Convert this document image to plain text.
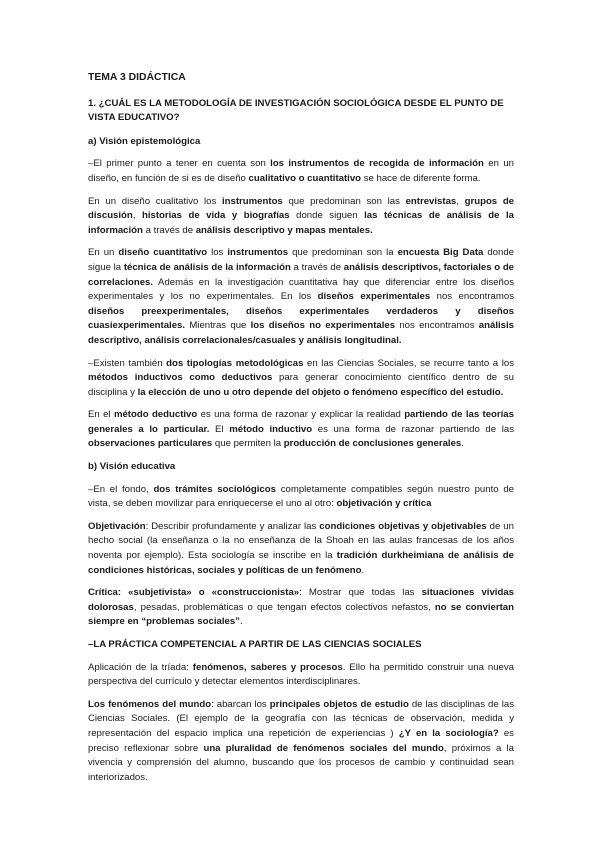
TEMA 3 DIDÁCTICA
1. ¿CUÁL ES LA METODOLOGÍA DE INVESTIGACIÓN SOCIOLÓGICA DESDE EL PUNTO DE VISTA EDUCATIVO?
a) Visión epistemológica

–El primer punto a tener en cuenta son los instrumentos de recogida de información en un diseño, en función de si es de diseño cualitativo o cuantitativo se hace de diferente forma.

En un diseño cualitativo los instrumentos que predominan son las entrevistas, grupos de discusión, historias de vida y biografías donde siguen las técnicas de análisis de la información a través de análisis descriptivo y mapas mentales.

En un diseño cuantitativo los instrumentos que predominan son la encuesta Big Data donde sigue la técnica de análisis de la información a través de análisis descriptivos, factoriales o de correlaciones. Además en la investigación cuantitativa hay que diferenciar entre los diseños experimentales y los no experimentales. En los diseños experimentales nos encontramos diseños preexperimentales, diseños experimentales verdaderos y diseños cuasiexperimentales. Mientras que los diseños no experimentales nos encontramos análisis descriptivo, análisis correlacionales/casuales y análisis longitudinal.

–Existen también dos tipologías metodológicas en las Ciencias Sociales, se recurre tanto a los métodos inductivos como deductivos para generar conocimiento científico dentro de su disciplina y la elección de uno u otro depende del objeto o fenómeno específico del estudio.

En el método deductivo es una forma de razonar y explicar la realidad partiendo de las teorías generales a lo particular. El método inductivo es una forma de razonar partiendo de las observaciones particulares que permiten la producción de conclusiones generales.

b) Visión educativa

–En el fondo, dos trámites sociológicos completamente compatibles según nuestro punto de vista, se deben movilizar para enriquecerse el uno al otro: objetivación y crítica

Objetivación: Describir profundamente y analizar las condiciones objetivas y objetivables de un hecho social (la enseñanza o la no enseñanza de la Shoah en las aulas francesas de los años noventa por ejemplo). Esta sociología se inscribe en la tradición durkheimiana de análisis de condiciones históricas, sociales y políticas de un fenómeno.

Crítica: «subjetivista» o «construccionista»: Mostrar que todas las situaciones vividas dolorosas, pesadas, problemáticas o que tengan efectos colectivos nefastos, no se conviertan siempre en “problemas sociales”.

–LA PRÁCTICA COMPETENCIAL A PARTIR DE LAS CIENCIAS SOCIALES

Aplicación de la tríada: fenómenos, saberes y procesos. Ello ha permitido construir una nueva perspectiva del currículo y detectar elementos interdisciplinares.

Los fenómenos del mundo: abarcan los principales objetos de estudio de las disciplinas de las Ciencias Sociales. (El ejemplo de la geografía con las técnicas de observación, medida y representación del espacio implica una repetición de experiencias ) ¿Y en la sociología? es preciso reflexionar sobre una pluralidad de fenómenos sociales del mundo, próximos a la vivencia y comprensión del alumno, buscando que los procesos de cambio y continuidad sean interiorizados.
